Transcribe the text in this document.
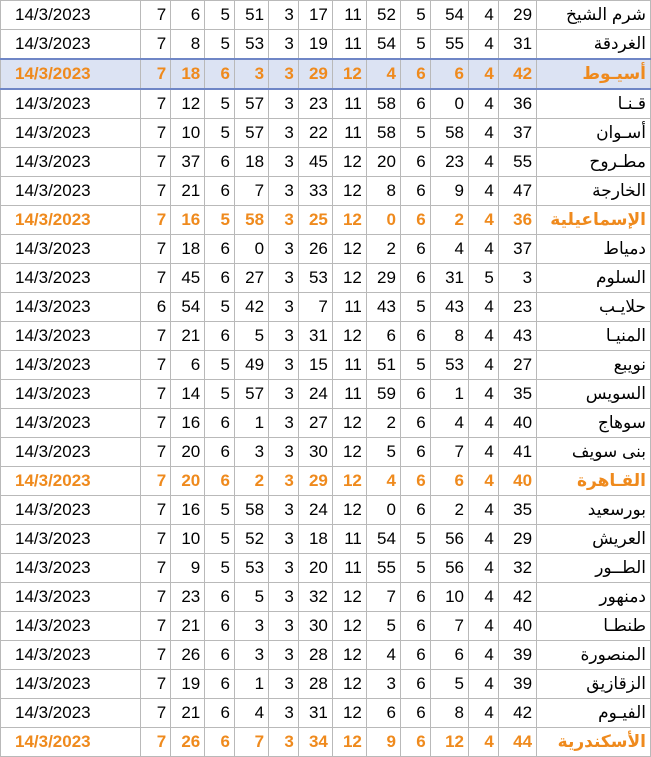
14/3/2023	7	6	5	51	3	17	11	52	5	54	4	29	شرم الشيخ
14/3/2023	7	8	5	53	3	19	11	54	5	55	4	31	الغردقة
14/3/2023	7	18	6	3	3	29	12	4	6	6	4	42	أسيـوط
14/3/2023	7	12	5	57	3	23	11	58	6	0	4	36	قـنـا
14/3/2023	7	10	5	57	3	22	11	58	5	58	4	37	أسـوان
14/3/2023	7	37	6	18	3	45	12	20	6	23	4	55	مطـروح
14/3/2023	7	21	6	7	3	33	12	8	6	9	4	47	الخارجة
14/3/2023	7	16	5	58	3	25	12	0	6	2	4	36	الإسماعيلية
14/3/2023	7	18	6	0	3	26	12	2	6	4	4	37	دمياط
14/3/2023	7	45	6	27	3	53	12	29	6	31	5	3	السلوم
14/3/2023	6	54	5	42	3	7	11	43	5	43	4	23	حلايـب
14/3/2023	7	21	6	5	3	31	12	6	6	8	4	43	المنيـا
14/3/2023	7	6	5	49	3	15	11	51	5	53	4	27	نويبع
14/3/2023	7	14	5	57	3	24	11	59	6	1	4	35	السويس
14/3/2023	7	16	6	1	3	27	12	2	6	4	4	40	سوهاج
14/3/2023	7	20	6	3	3	30	12	5	6	7	4	41	بنى سويف
14/3/2023	7	20	6	2	3	29	12	4	6	6	4	40	القـاهرة
14/3/2023	7	16	5	58	3	24	12	0	6	2	4	35	بورسعيد
14/3/2023	7	10	5	52	3	18	11	54	5	56	4	29	العريش
14/3/2023	7	9	5	53	3	20	11	55	5	56	4	32	الطــور
14/3/2023	7	23	6	5	3	32	12	7	6	10	4	42	دمنهور
14/3/2023	7	21	6	3	3	30	12	5	6	7	4	40	طنطـا
14/3/2023	7	26	6	3	3	28	12	4	6	6	4	39	المنصورة
14/3/2023	7	19	6	1	3	28	12	3	6	5	4	39	الزقازيق
14/3/2023	7	21	6	4	3	31	12	6	6	8	4	42	الفيـوم
14/3/2023	7	26	6	7	3	34	12	9	6	12	4	44	الأسكندرية
